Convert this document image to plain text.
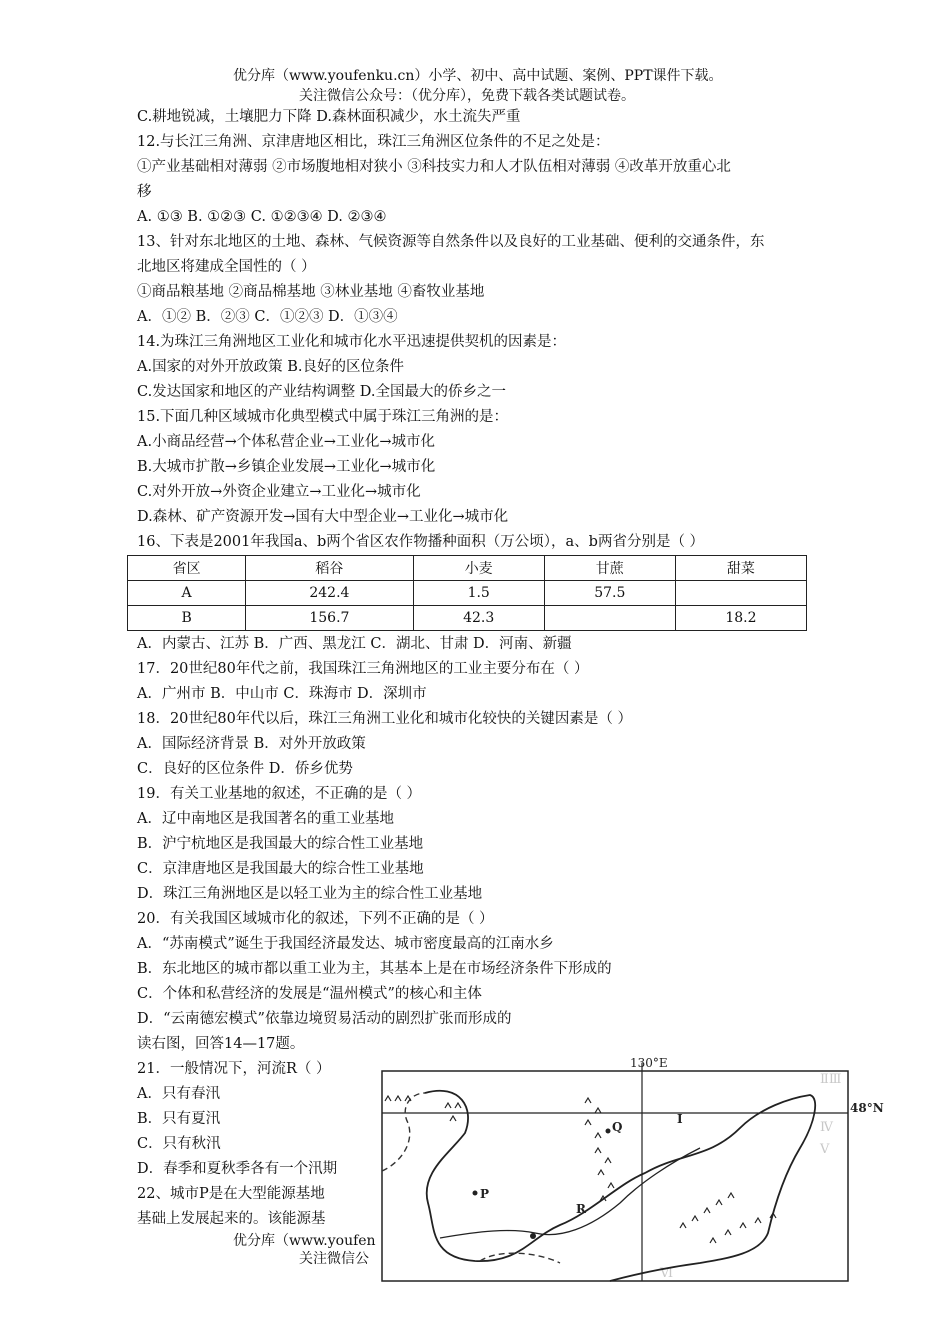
优分库（www.youfenku.cn）小学、初中、高中试题、案例、PPT课件下载。
关注微信公众号：（优分库），免费下载各类试题试卷。
C.耕地锐减，土壤肥力下降 D.森林面积减少，水土流失严重
12.与长江三角洲、京津唐地区相比，珠江三角洲区位条件的不足之处是：
①产业基础相对薄弱 ②市场腹地相对狭小 ③科技实力和人才队伍相对薄弱 ④改革开放重心北
移
A. ①③ B. ①②③ C. ①②③④ D. ②③④
13、针对东北地区的土地、森林、气候资源等自然条件以及良好的工业基础、便利的交通条件，东
北地区将建成全国性的（ ）
①商品粮基地 ②商品棉基地 ③林业基地 ④畜牧业基地
A．①② B．②③ C．①②③ D．①③④
14.为珠江三角洲地区工业化和城市化水平迅速提供契机的因素是：
A.国家的对外开放政策 B.良好的区位条件
C.发达国家和地区的产业结构调整 D.全国最大的侨乡之一
15.下面几种区域城市化典型模式中属于珠江三角洲的是：
A.小商品经营→个体私营企业→工业化→城市化
B.大城市扩散→乡镇企业发展→工业化→城市化
C.对外开放→外资企业建立→工业化→城市化
D.森林、矿产资源开发→国有大中型企业→工业化→城市化
16、下表是2001年我国a、b两个省区农作物播种面积（万公顷），a、b两省分别是（ ）
省区	稻谷	小麦	甘蔗	甜菜
A	242.4	1.5	57.5	
B	156.7	42.3		18.2
A．内蒙古、江苏 B．广西、黑龙江 C．湖北、甘肃 D．河南、新疆
17．20世纪80年代之前，我国珠江三角洲地区的工业主要分布在（ ）
A．广州市 B．中山市 C．珠海市 D．深圳市
18．20世纪80年代以后，珠江三角洲工业化和城市化较快的关键因素是（ ）
A．国际经济背景 B．对外开放政策
C．良好的区位条件 D．侨乡优势
19．有关工业基地的叙述，不正确的是（ ）
A．辽中南地区是我国著名的重工业基地
B．沪宁杭地区是我国最大的综合性工业基地
C．京津唐地区是我国最大的综合性工业基地
D．珠江三角洲地区是以轻工业为主的综合性工业基地
20．有关我国区域城市化的叙述，下列不正确的是（ ）
A．“苏南模式”诞生于我国经济最发达、城市密度最高的江南水乡
B．东北地区的城市都以重工业为主，其基本上是在市场经济条件下形成的
C．个体和私营经济的发展是“温州模式”的核心和主体
D．“云南德宏模式”依靠边境贸易活动的剧烈扩张而形成的
读右图，回答14—17题。
21．一般情况下，河流R（ ）
A．只有春汛
B．只有夏汛
C．只有秋汛
D．春季和夏秋季各有一个汛期
22、城市P是在大型能源基地
基础上发展起来的。该能源基
优分库（www.youfen
关注微信公
ⅡⅢ
Ⅳ
Ⅴ
Ⅵ
130°E
48°N
P
Q
R
I
